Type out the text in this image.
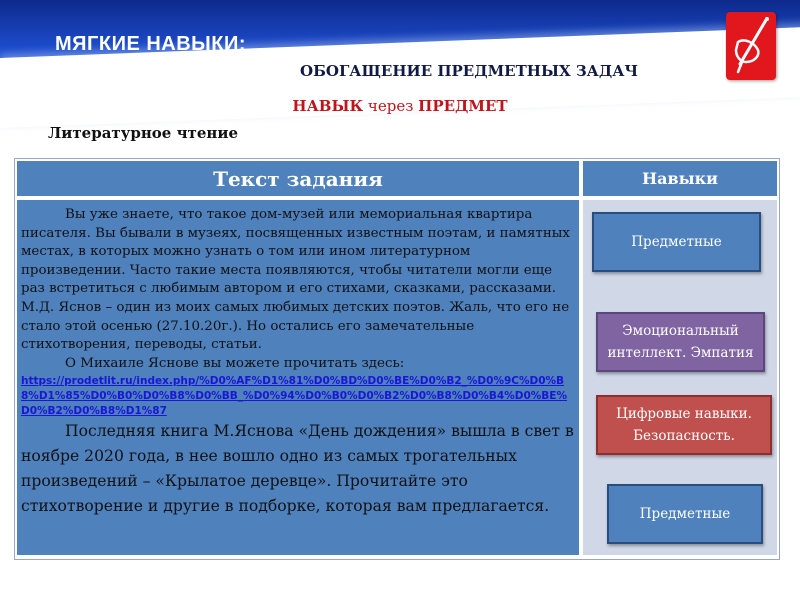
МЯГКИЕ НАВЫКИ:
ОБОГАЩЕНИЕ ПРЕДМЕТНЫХ ЗАДАЧ
НАВЫК через ПРЕДМЕТ
Литературное чтение
Текст задания	Навыки

Вы уже знаете, что такое дом-музей или мемориальная квартира писателя. Вы бывали в музеях, посвященных известным поэтам, и памятных местах, в которых можно узнать о том или ином литературном произведении. Часто такие места появляются, чтобы читатели могли еще раз встретиться с любимым автором и его стихами, сказками, рассказами. М.Д. Яснов – один из моих самых любимых детских поэтов. Жаль, что его не стало этой осенью (27.10.20г.). Но остались его замечательные стихотворения, переводы, статьи.

О Михаиле Яснове вы можете прочитать здесь:

https://prodetlit.ru/index.php/%D0%AF%D1%81%D0%BD%D0%BE%D0%B2_%D0%9C%D0%B8%D1%85%D0%B0%D0%B8%D0%BB_%D0%94%D0%B0%D0%B2%D0%B8%D0%B4%D0%BE%D0%B2%D0%B8%D1%87

Последняя книга М.Яснова «День дождения» вышла в свет в ноябре 2020 года, в нее вошло одно из самых трогательных произведений – «Крылатое деревце». Прочитайте это стихотворение и другие в подборке, которая вам предлагается.

Предметные
Эмоциональный интеллект. Эмпатия
Цифровые навыки. Безопасность.
Предметные
